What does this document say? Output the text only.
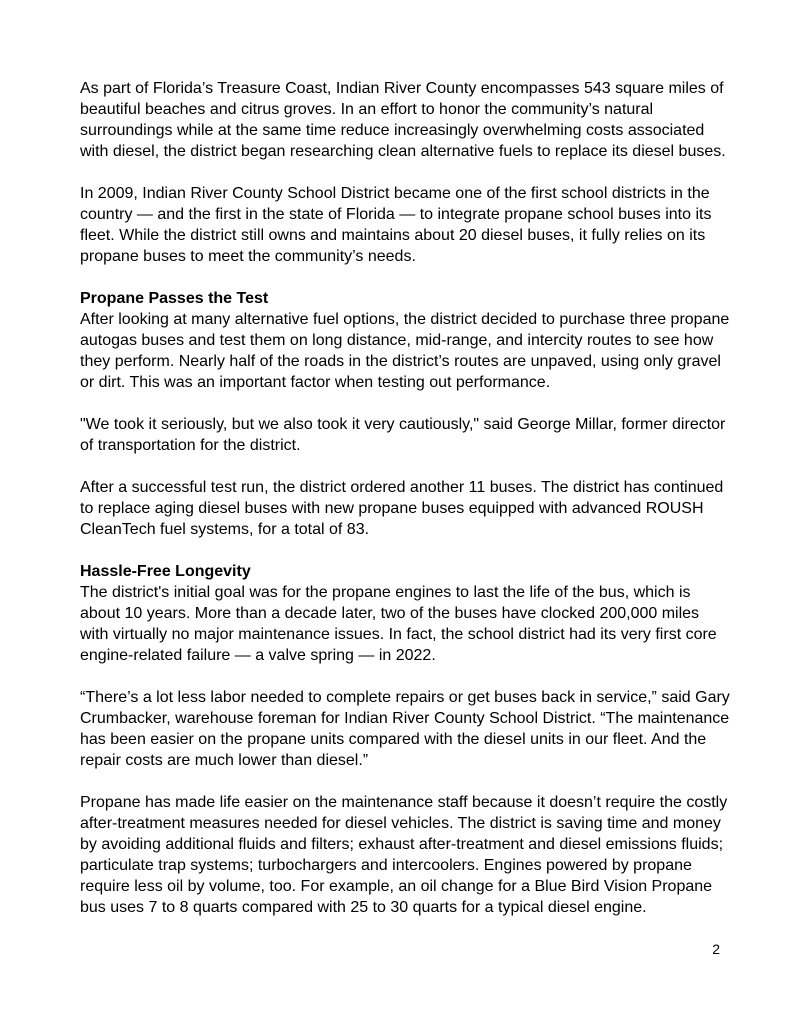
As part of Florida’s Treasure Coast, Indian River County encompasses 543 square miles of beautiful beaches and citrus groves. In an effort to honor the community’s natural surroundings while at the same time reduce increasingly overwhelming costs associated with diesel, the district began researching clean alternative fuels to replace its diesel buses.

In 2009, Indian River County School District became one of the first school districts in the country — and the first in the state of Florida — to integrate propane school buses into its fleet. While the district still owns and maintains about 20 diesel buses, it fully relies on its propane buses to meet the community’s needs.

Propane Passes the Test

After looking at many alternative fuel options, the district decided to purchase three propane autogas buses and test them on long distance, mid-range, and intercity routes to see how they perform. Nearly half of the roads in the district’s routes are unpaved, using only gravel or dirt. This was an important factor when testing out performance.

"We took it seriously, but we also took it very cautiously," said George Millar, former director of transportation for the district.

After a successful test run, the district ordered another 11 buses. The district has continued to replace aging diesel buses with new propane buses equipped with advanced ROUSH CleanTech fuel systems, for a total of 83.

Hassle-Free Longevity

The district's initial goal was for the propane engines to last the life of the bus, which is about 10 years. More than a decade later, two of the buses have clocked 200,000 miles with virtually no major maintenance issues. In fact, the school district had its very first core engine-related failure — a valve spring — in 2022.

“There’s a lot less labor needed to complete repairs or get buses back in service,” said Gary Crumbacker, warehouse foreman for Indian River County School District. “The maintenance has been easier on the propane units compared with the diesel units in our fleet. And the repair costs are much lower than diesel.”

Propane has made life easier on the maintenance staff because it doesn’t require the costly after-treatment measures needed for diesel vehicles. The district is saving time and money by avoiding additional fluids and filters; exhaust after-treatment and diesel emissions fluids; particulate trap systems; turbochargers and intercoolers. Engines powered by propane require less oil by volume, too. For example, an oil change for a Blue Bird Vision Propane bus uses 7 to 8 quarts compared with 25 to 30 quarts for a typical diesel engine.

2
